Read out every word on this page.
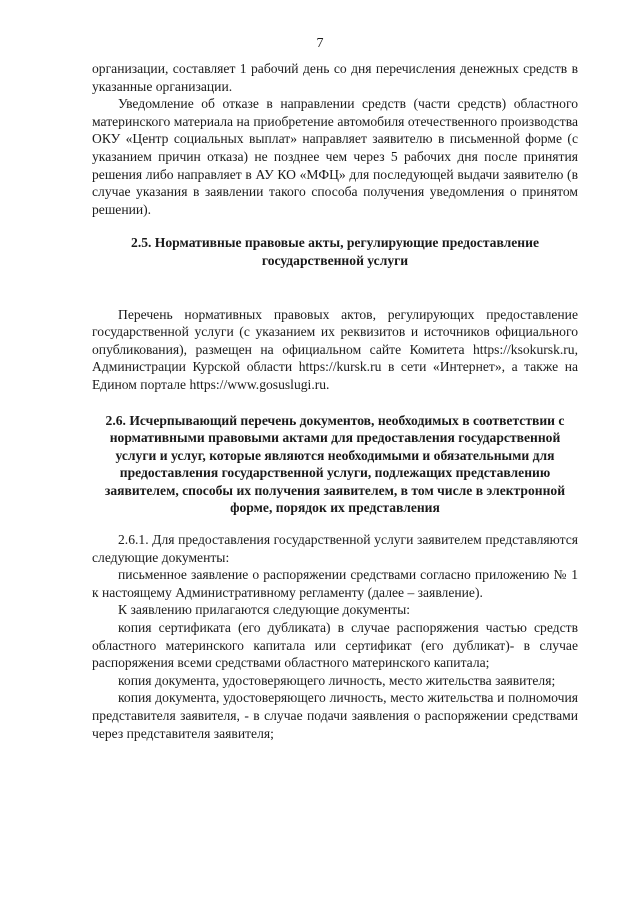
7

организации, составляет 1 рабочий день со дня перечисления денежных средств в указанные организации.

Уведомление об отказе в направлении средств (части средств) областного материнского материала на приобретение автомобиля отечественного производства ОКУ «Центр социальных выплат» направляет заявителю в письменной форме (с указанием причин отказа) не позднее чем через 5 рабочих дня после принятия решения либо направляет в АУ КО «МФЦ» для последующей выдачи заявителю (в случае указания в заявлении такого способа получения уведомления о принятом решении).

2.5. Нормативные правовые акты, регулирующие предоставление государственной услуги

Перечень нормативных правовых актов, регулирующих предоставление государственной услуги (с указанием их реквизитов и источников официального опубликования), размещен на официальном сайте Комитета https://ksokursk.ru, Администрации Курской области https://kursk.ru в сети «Интернет», а также на Едином портале https://www.gosuslugi.ru.

2.6. Исчерпывающий перечень документов, необходимых в соответствии с нормативными правовыми актами для предоставления государственной услуги и услуг, которые являются необходимыми и обязательными для предоставления государственной услуги, подлежащих представлению заявителем, способы их получения заявителем, в том числе в электронной форме, порядок их представления

2.6.1. Для предоставления государственной услуги заявителем представляются следующие документы:

письменное заявление о распоряжении средствами согласно приложению № 1 к настоящему Административному регламенту (далее – заявление).

К заявлению прилагаются следующие документы:

копия сертификата (его дубликата) в случае распоряжения частью средств областного материнского капитала или сертификат (его дубликат)- в случае распоряжения всеми средствами областного материнского капитала;

копия документа, удостоверяющего личность, место жительства заявителя;

копия документа, удостоверяющего личность, место жительства и полномочия представителя заявителя, - в случае подачи заявления о распоряжении средствами через представителя заявителя;
